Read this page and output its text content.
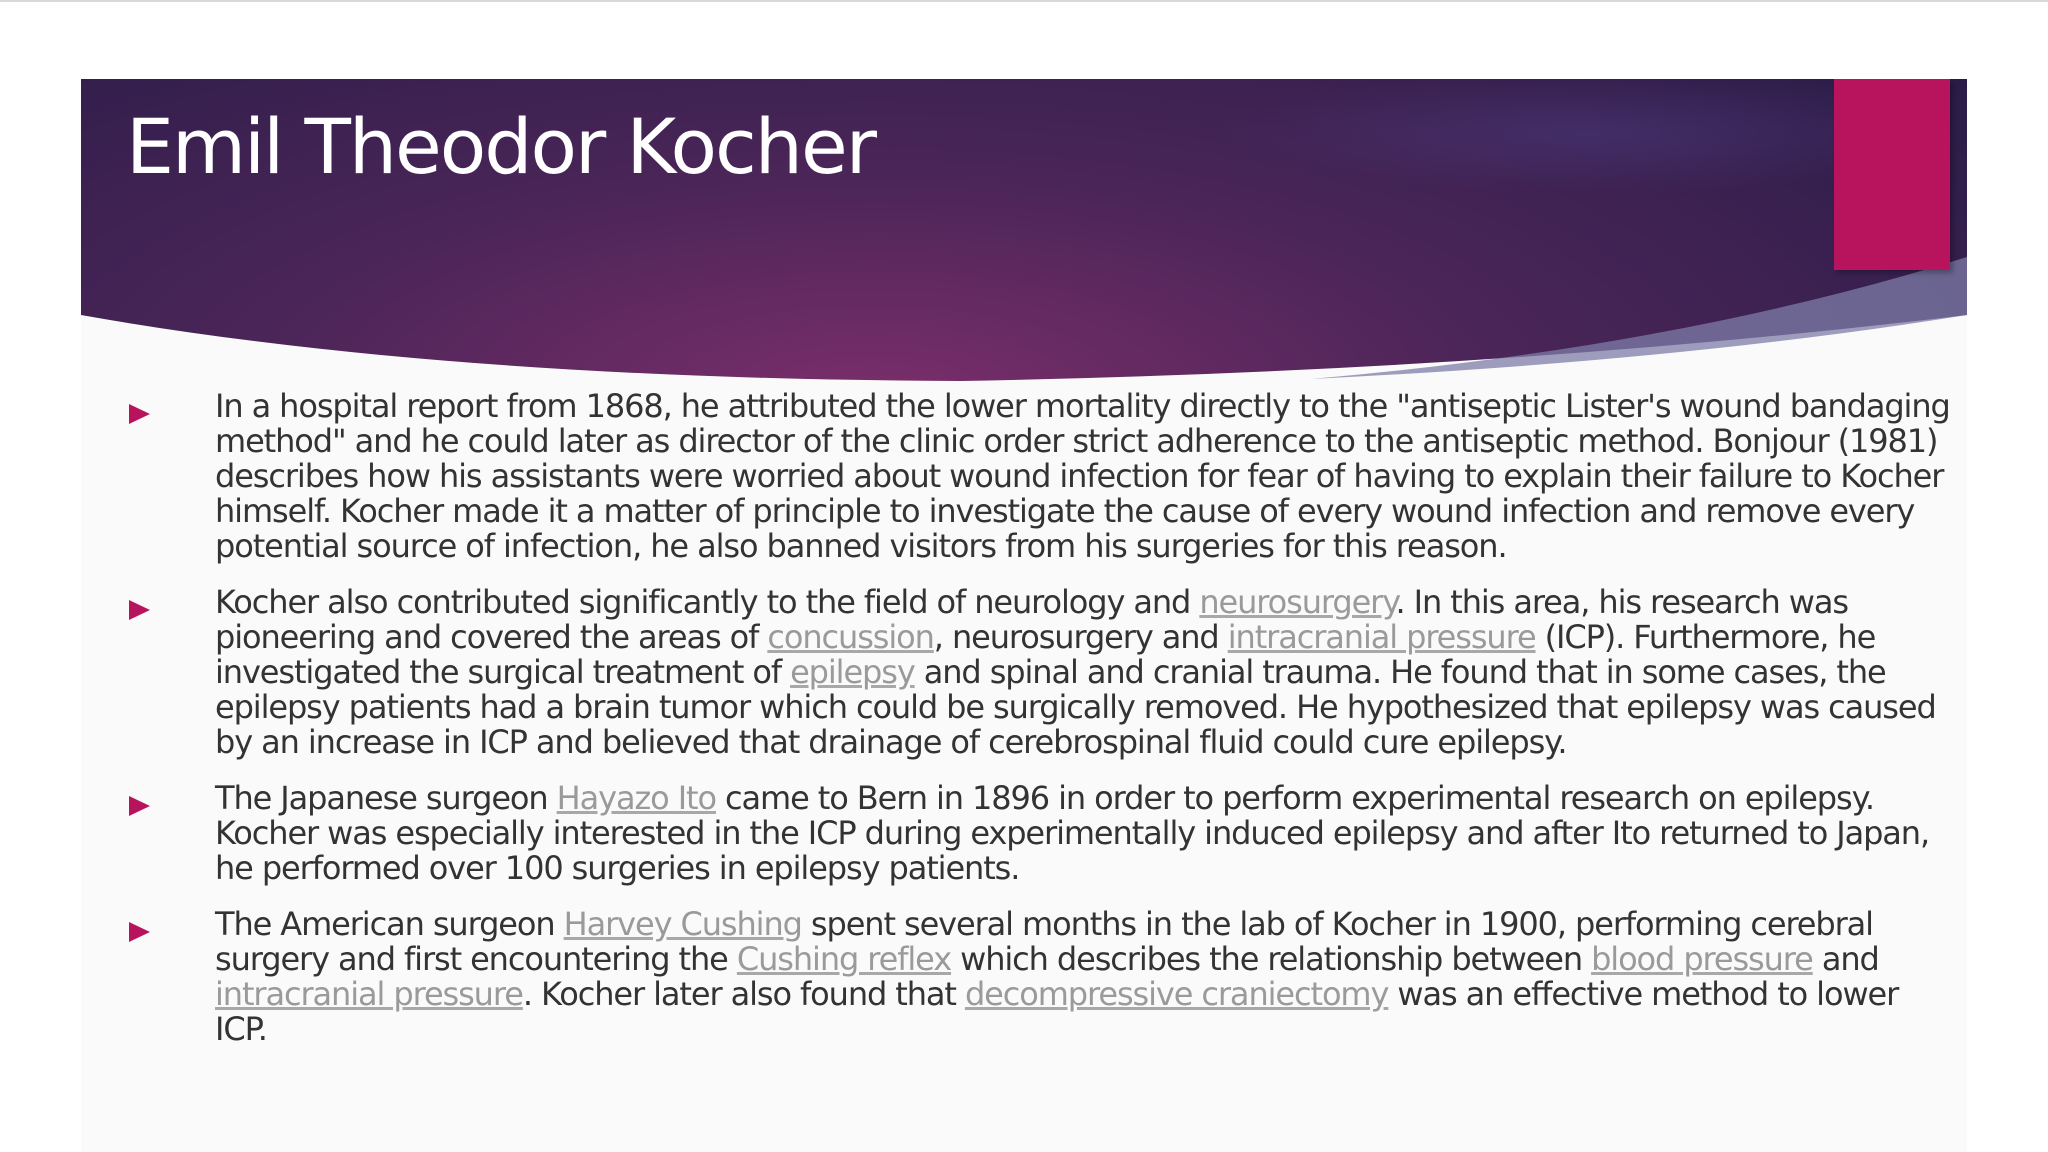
Emil Theodor Kocher
In a hospital report from 1868, he attributed the lower mortality directly to the "antiseptic Lister's wound bandaging method" and he could later as director of the clinic order strict adherence to the antiseptic method. Bonjour (1981) describes how his assistants were worried about wound infection for fear of having to explain their failure to Kocher himself. Kocher made it a matter of principle to investigate the cause of every wound infection and remove every potential source of infection, he also banned visitors from his surgeries for this reason.
Kocher also contributed significantly to the field of neurology and neurosurgery. In this area, his research was pioneering and covered the areas of concussion, neurosurgery and intracranial pressure (ICP). Furthermore, he investigated the surgical treatment of epilepsy and spinal and cranial trauma. He found that in some cases, the epilepsy patients had a brain tumor which could be surgically removed. He hypothesized that epilepsy was caused by an increase in ICP and believed that drainage of cerebrospinal fluid could cure epilepsy.
The Japanese surgeon Hayazo Ito came to Bern in 1896 in order to perform experimental research on epilepsy. Kocher was especially interested in the ICP during experimentally induced epilepsy and after Ito returned to Japan, he performed over 100 surgeries in epilepsy patients.
The American surgeon Harvey Cushing spent several months in the lab of Kocher in 1900, performing cerebral surgery and first encountering the Cushing reflex which describes the relationship between blood pressure and intracranial pressure. Kocher later also found that decompressive craniectomy was an effective method to lower ICP.
